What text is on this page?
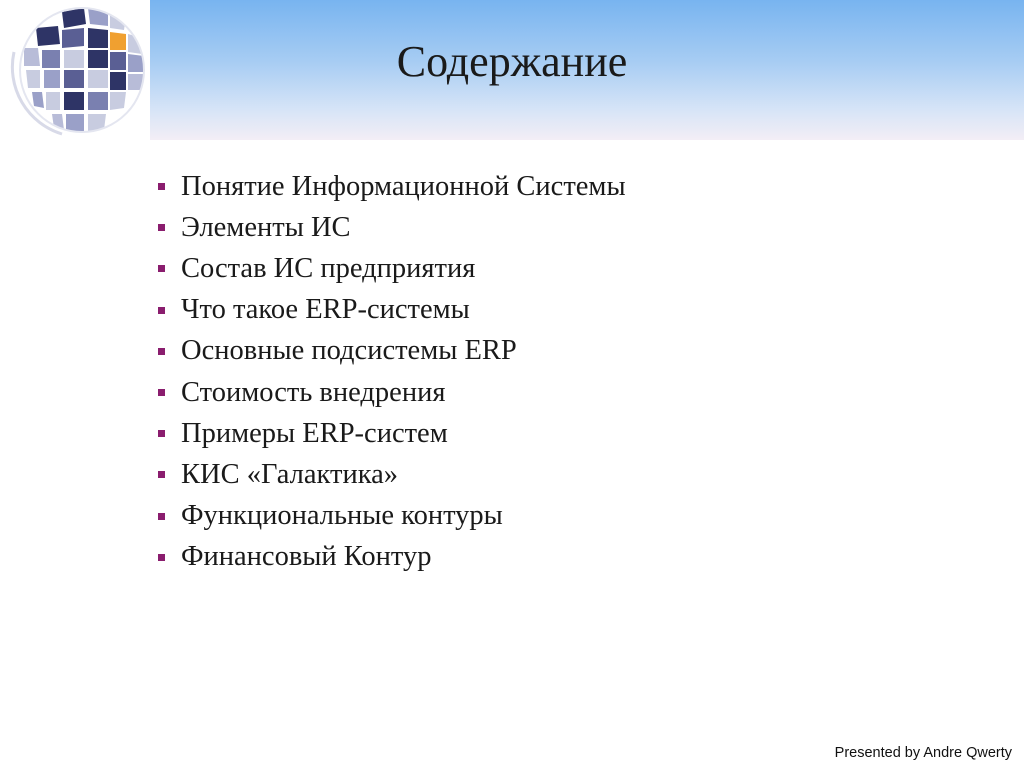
Содержание
Понятие Информационной Системы
Элементы ИС
Состав ИС предприятия
Что такое ERP-системы
Основные подсистемы ERP
Стоимость внедрения
Примеры ERP-систем
КИС «Галактика»
Функциональные контуры
Финансовый Контур
Presented by Andre Qwerty
